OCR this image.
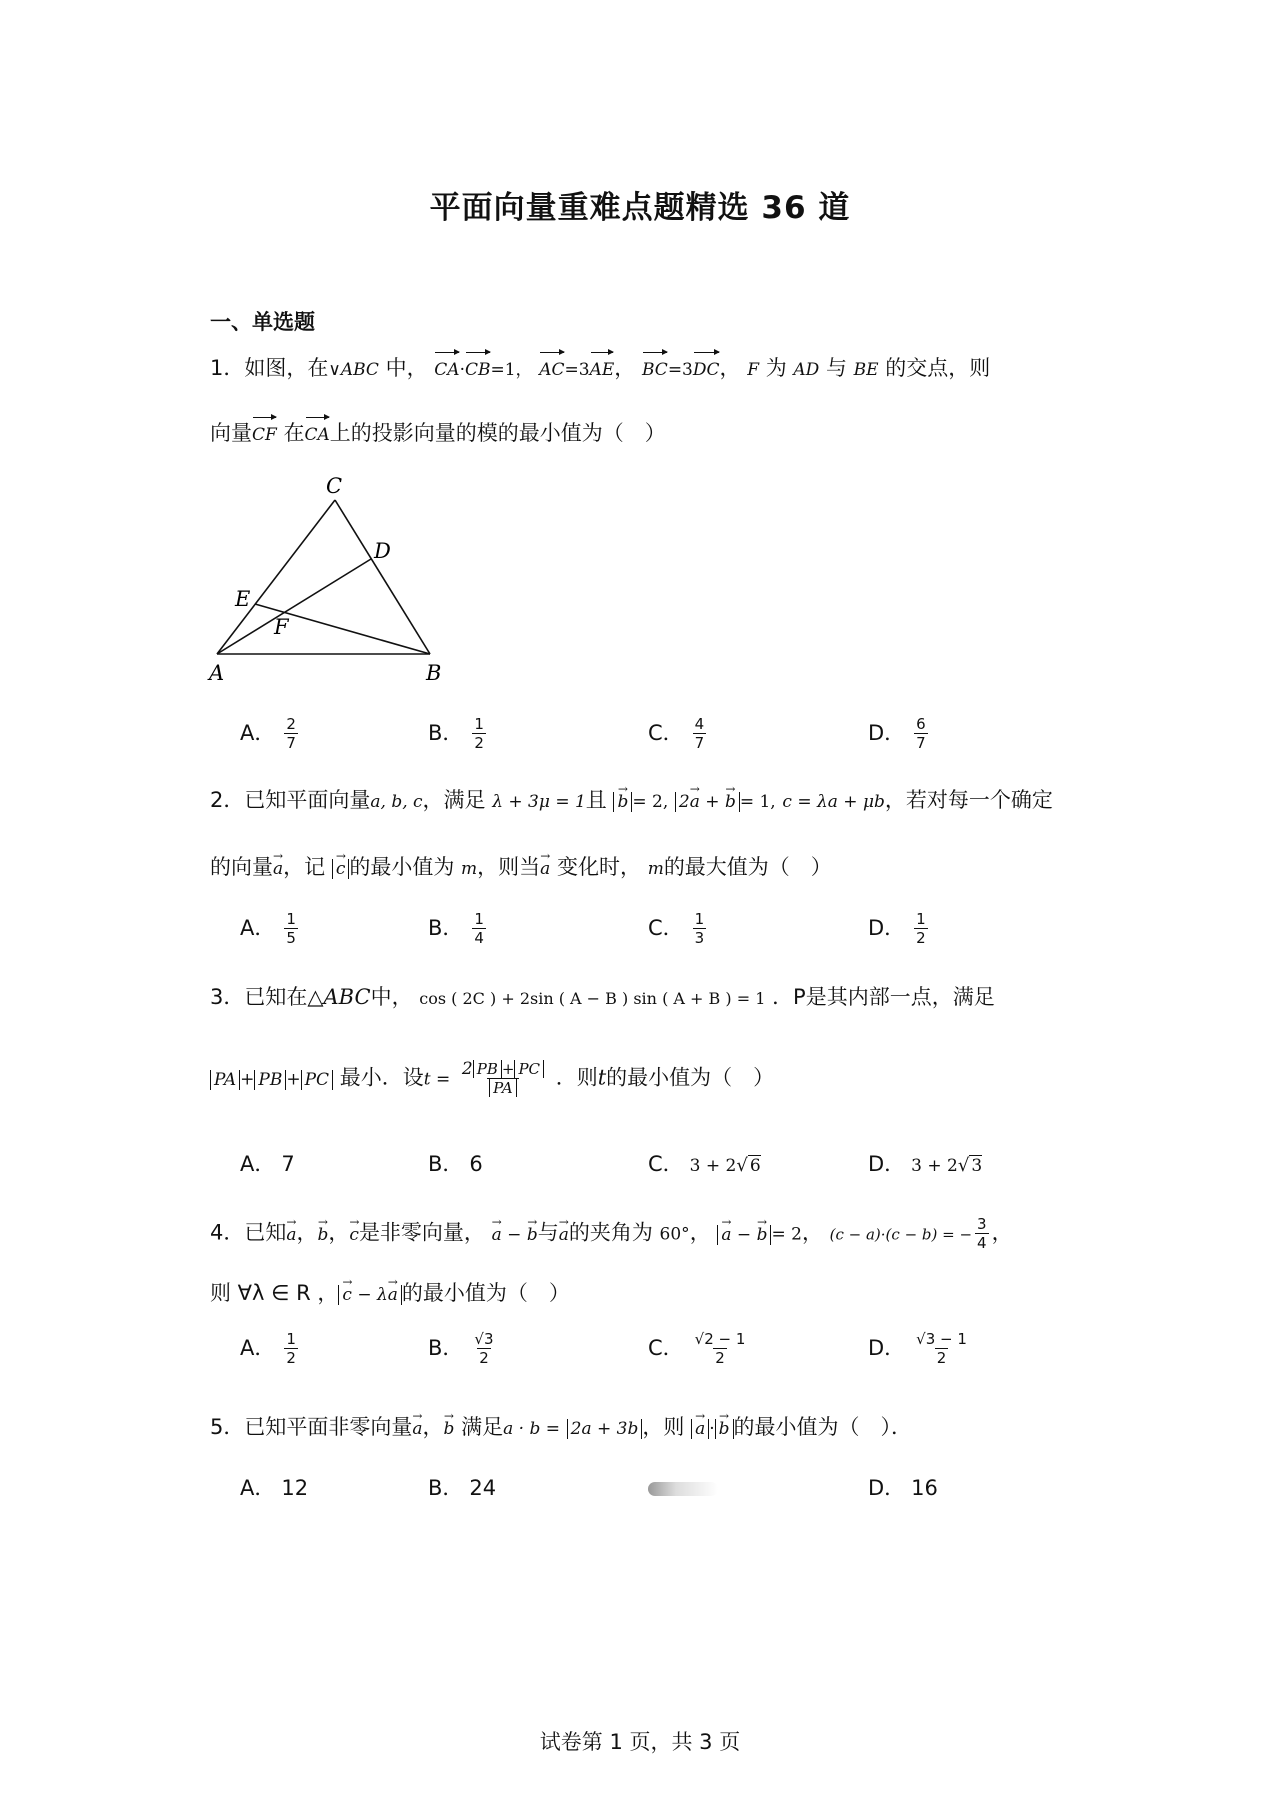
平面向量重难点题精选 36 道
一、单选题
1．如图，在∨ABC 中， CA·CB=1， AC=3AE， BC=3DC， F 为 AD 与 BE 的交点，则
向量CF 在CA上的投影向量的模的最小值为（　）
A	B
C
D
E
F
A． $\frac{2}{7}$	B． $\frac{1}{2}$	C． $\frac{4}{7}$	D． $\frac{6}{7}$
2．已知平面向量a, b, c，满足 λ + 3μ = 1且 b → = 2, 2a → + b → = 1, c = λa + μb，若对每一个确定
的向量a →，记 c → 的最小值为 m，则当a → 变化时， m的最大值为（　）
A． $\frac{1}{5}$	B． $\frac{1}{4}$	C． $\frac{1}{3}$	D． $\frac{1}{2}$
3．已知在△ABC中， cos ( 2C ) + 2sin ( A − B ) sin ( A + B ) = 1 ．P是其内部一点，满足
PA + PB + PC 最小．设$t = \frac{2 PB + PC}{PA}$ ．则t的最小值为（　）
A． 7	B． 6	C． 3 + 2√ 6	D． 3 + 2√ 3
4．已知a →，b →，c →是非零向量， a → − b →与a →的夹角为 60°， a → − b → = 2， (c − a)·(c − b) = − $\frac{3}{4}$ ，
则 ∀λ ∈ R ， c → − λa → 的最小值为（　）
A． $\frac{1}{2}$	B． $\frac{√3}{2}$	C． $\frac{√2 - 1}{2}$	D． $\frac{√3 - 1}{2}$
5．已知平面非零向量a →，b → 满足a · b = 2a + 3b ，则 a → · b → 的最小值为（　）．
A． 12	B． 24	D． 16
试卷第 1 页，共 3 页
